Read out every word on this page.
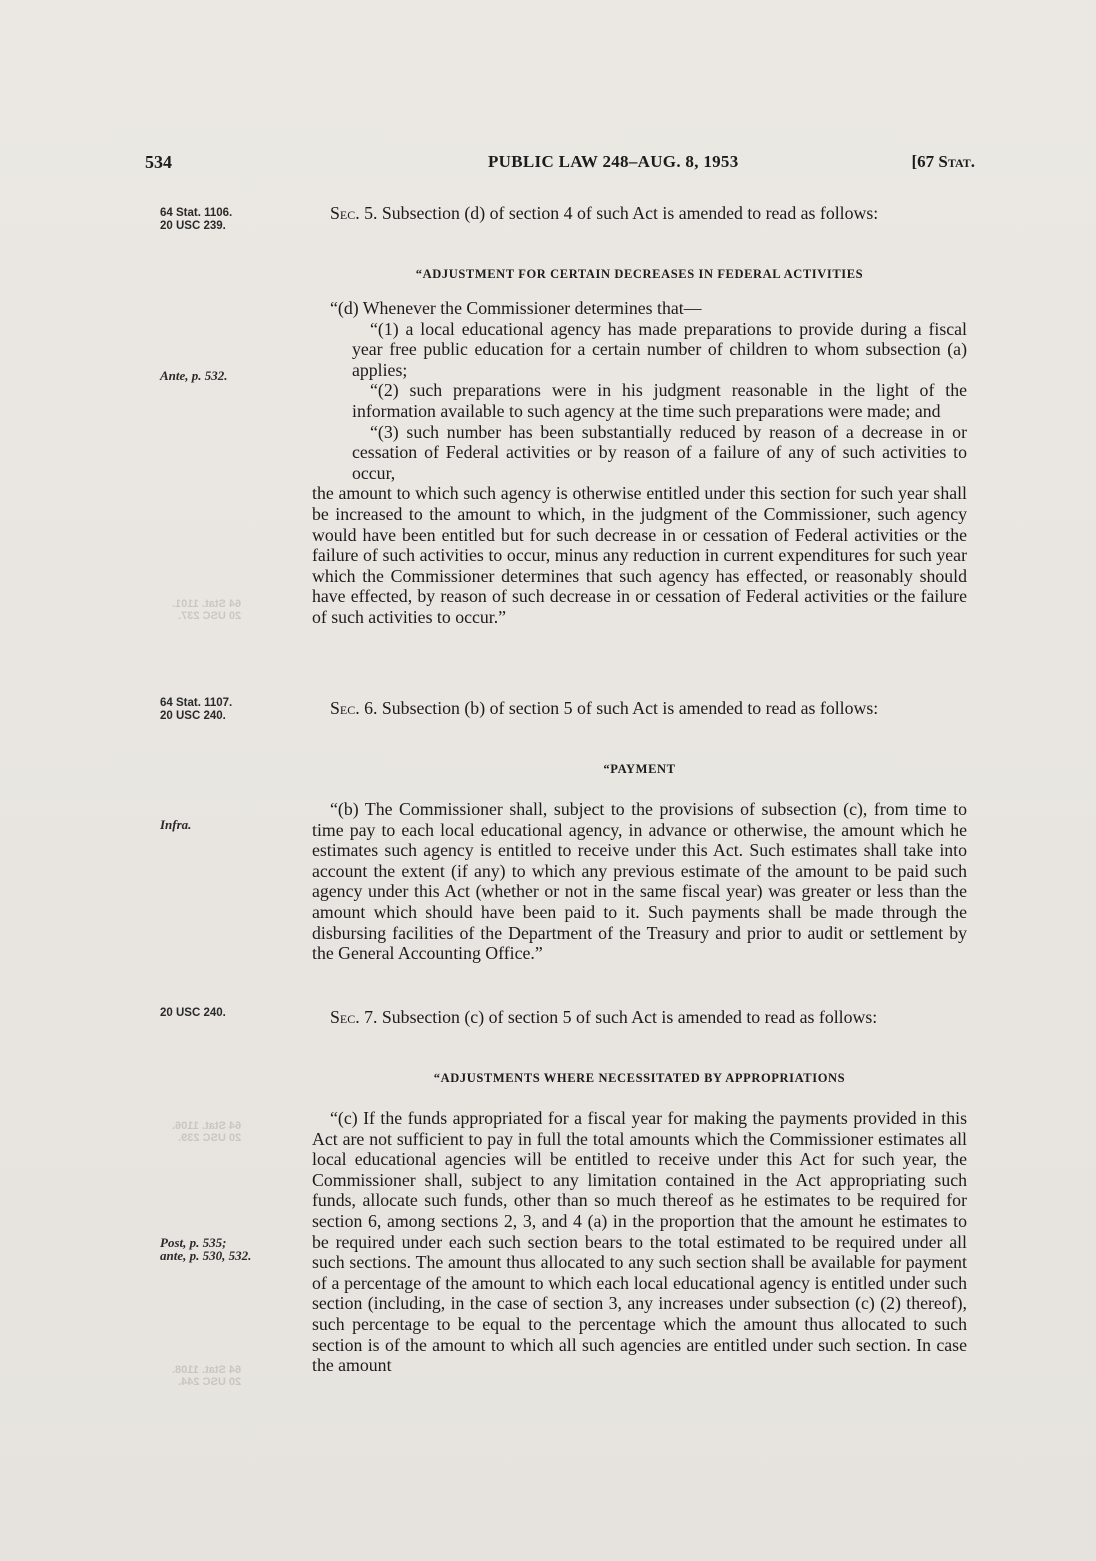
534	PUBLIC LAW 248–AUG. 8, 1953	[67 Stat.
64 Stat. 1101.
20 USC 237.
64 Stat. 1106.
20 USC 239.
64 Stat. 1108.
20 USC 244.
64 Stat. 1106.
20 USC 239.
Ante, p. 532.
64 Stat. 1107.
20 USC 240.
Infra.
20 USC 240.
Post, p. 535;
ante, p. 530, 532.

Sec. 5. Subsection (d) of section 4 of such Act is amended to read as follows:

“ADJUSTMENT FOR CERTAIN DECREASES IN FEDERAL ACTIVITIES

“(d) Whenever the Commissioner determines that—

“(1) a local educational agency has made preparations to provide during a fiscal year free public education for a certain number of children to whom subsection (a) applies;

“(2) such preparations were in his judgment reasonable in the light of the information available to such agency at the time such preparations were made; and

“(3) such number has been substantially reduced by reason of a decrease in or cessation of Federal activities or by reason of a failure of any of such activities to occur,

the amount to which such agency is otherwise entitled under this section for such year shall be increased to the amount to which, in the judgment of the Commissioner, such agency would have been entitled but for such decrease in or cessation of Federal activities or the failure of such activities to occur, minus any reduction in current expenditures for such year which the Commissioner determines that such agency has effected, or reasonably should have effected, by reason of such decrease in or cessation of Federal activities or the failure of such activities to occur.”

Sec. 6. Subsection (b) of section 5 of such Act is amended to read as follows:

“PAYMENT

“(b) The Commissioner shall, subject to the provisions of subsection (c), from time to time pay to each local educational agency, in advance or otherwise, the amount which he estimates such agency is entitled to receive under this Act. Such estimates shall take into account the extent (if any) to which any previous estimate of the amount to be paid such agency under this Act (whether or not in the same fiscal year) was greater or less than the amount which should have been paid to it. Such payments shall be made through the disbursing facilities of the Department of the Treasury and prior to audit or settlement by the General Accounting Office.”

Sec. 7. Subsection (c) of section 5 of such Act is amended to read as follows:

“ADJUSTMENTS WHERE NECESSITATED BY APPROPRIATIONS

“(c) If the funds appropriated for a fiscal year for making the payments provided in this Act are not sufficient to pay in full the total amounts which the Commissioner estimates all local educational agencies will be entitled to receive under this Act for such year, the Commissioner shall, subject to any limitation contained in the Act appropriating such funds, allocate such funds, other than so much thereof as he estimates to be required for section 6, among sections 2, 3, and 4 (a) in the proportion that the amount he estimates to be required under each such section bears to the total estimated to be required under all such sections. The amount thus allocated to any such section shall be available for payment of a percentage of the amount to which each local educational agency is entitled under such section (including, in the case of section 3, any increases under subsection (c) (2) thereof), such percentage to be equal to the percentage which the amount thus allocated to such section is of the amount to which all such agencies are entitled under such section. In case the amount
